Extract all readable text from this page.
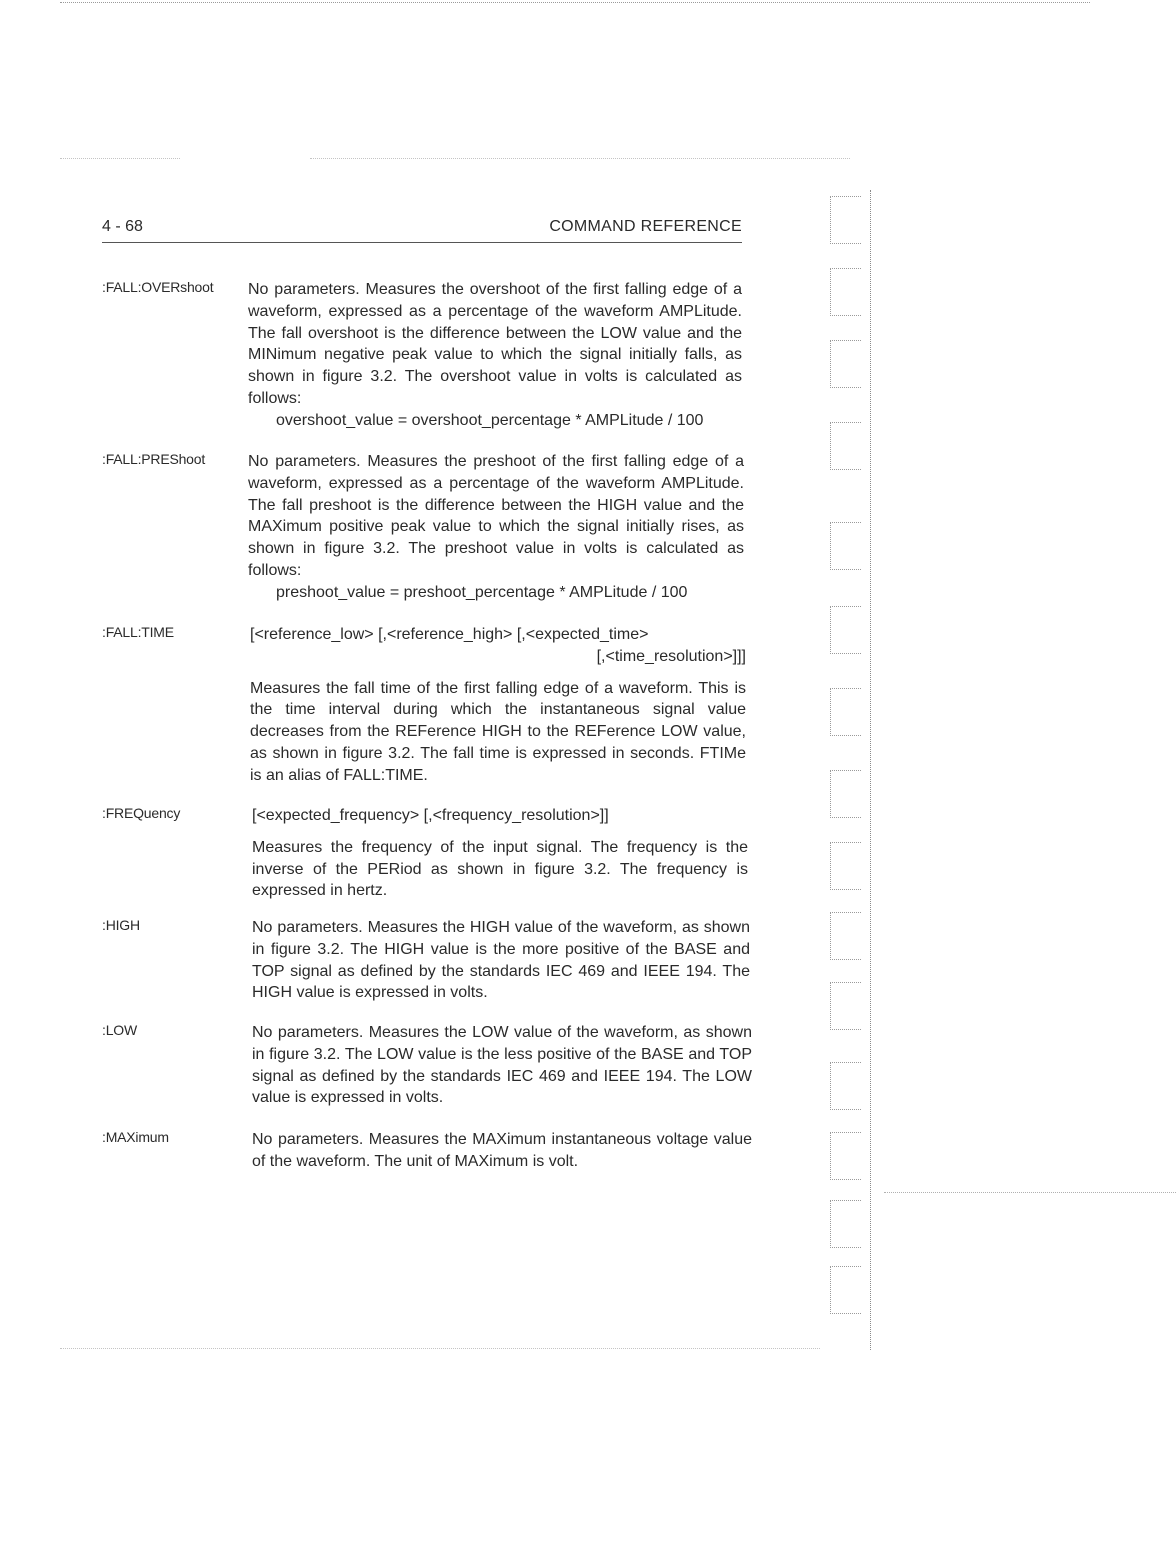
4 - 68	COMMAND REFERENCE
:FALL:OVERshoot No parameters. Measures the overshoot of the first falling edge of a waveform, expressed as a percentage of the waveform AMPLitude. The fall overshoot is the difference between the LOW value and the MINimum negative peak value to which the signal initially falls, as shown in figure 3.2. The overshoot value in volts is calculated as follows:

overshoot_value = overshoot_percentage * AMPLitude / 100
:FALL:PREShoot	No parameters. Measures the preshoot of the first falling edge of a waveform, expressed as a percentage of the waveform AMPLitude. The fall preshoot is the difference between the HIGH value and the MAXimum positive peak value to which the signal initially rises, as shown in figure 3.2. The preshoot value in volts is calculated as follows:

preshoot_value = preshoot_percentage * AMPLitude / 100
:FALL:TIME	[<reference_low> [,<reference_high> [,<expected_time>

[,<time_resolution>]]]

Measures the fall time of the first falling edge of a waveform. This is the time interval during which the instantaneous signal value decreases from the REFerence HIGH to the REFerence LOW value, as shown in figure 3.2. The fall time is expressed in seconds. FTIMe is an alias of FALL:TIME.

:FREQuency	[<expected_frequency> [,<frequency_resolution>]]

Measures the frequency of the input signal. The frequency is the inverse of the PERiod as shown in figure 3.2. The frequency is expressed in hertz.

:HIGH	No parameters. Measures the HIGH value of the waveform, as shown in figure 3.2. The HIGH value is the more positive of the BASE and TOP signal as defined by the standards IEC 469 and IEEE 194. The HIGH value is expressed in volts.

:LOW	No parameters. Measures the LOW value of the waveform, as shown in figure 3.2. The LOW value is the less positive of the BASE and TOP signal as defined by the standards IEC 469 and IEEE 194. The LOW value is expressed in volts.

:MAXimum	No parameters. Measures the MAXimum instantaneous voltage value of the waveform. The unit of MAXimum is volt.
